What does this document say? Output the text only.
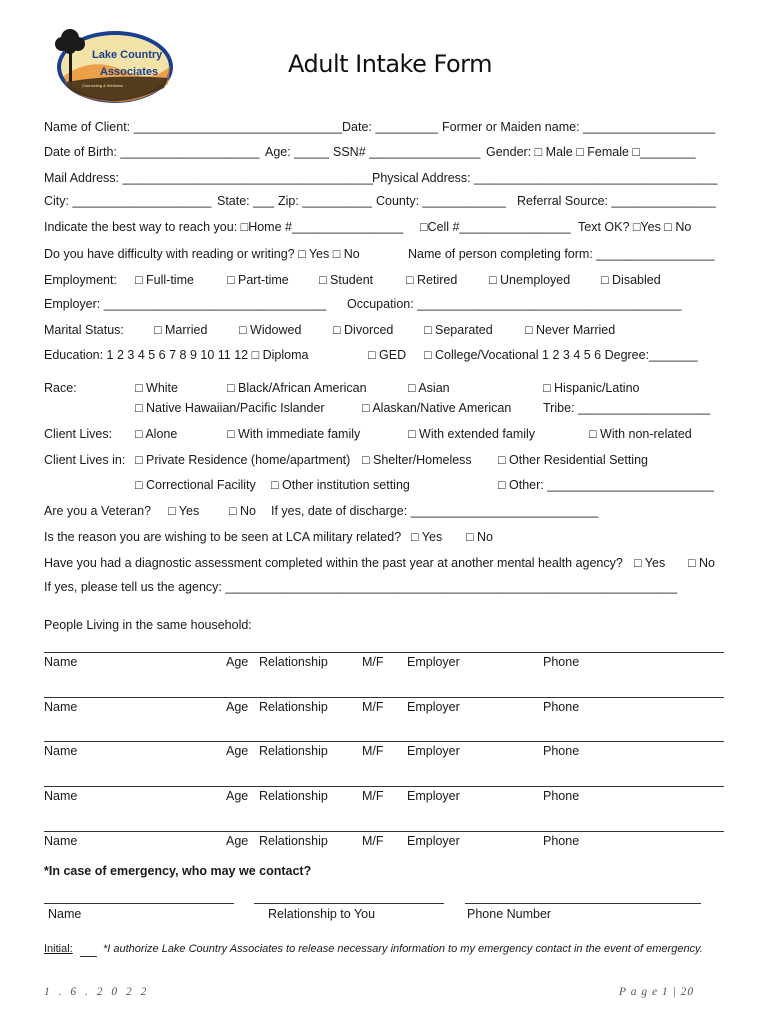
Lake Country
Associates
Counseling & Wellness
Adult Intake Form
Name of Client: ______________________________ Date: _________ Former or Maiden name: ___________________
Date of Birth: ____________________ Age: _____ SSN# ________________ Gender: □ Male □ Female □________
Mail Address: ____________________________________ Physical Address: ___________________________________
City: ____________________ State: ___ Zip: __________ County: ____________ Referral Source: _______________
Indicate the best way to reach you: □Home #________________ □Cell #________________ Text OK? □Yes □ No
Do you have difficulty with reading or writing? □ Yes □ No	Name of person completing form: _________________
Employment: □ Full-time	□ Part-time □ Student	□ Retired	□ Unemployed □ Disabled
Employer: ________________________________ Occupation: ______________________________________
Marital Status: □ Married	□ Widowed	□ Divorced □ Separated	□ Never Married
Education: 1 2 3 4 5 6 7 8 9 10 11 12 □ Diploma	□ GED □ College/Vocational 1 2 3 4 5 6 Degree:_______
Race:	□ White	□ Black/African American	□ Asian	□ Hispanic/Latino
□ Native Hawaiian/Pacific Islander	□ Alaskan/Native American	Tribe: ___________________
Client Lives: □ Alone	□ With immediate family	□ With extended family	□ With non-related
Client Lives in: □ Private Residence (home/apartment) □ Shelter/Homeless □ Other Residential Setting
□ Correctional Facility □ Other institution setting	□ Other: ________________________
Are you a Veteran? □ Yes □ No If yes, date of discharge: ___________________________
Is the reason you are wishing to be seen at LCA military related? □ Yes □ No
Have you had a diagnostic assessment completed within the past year at another mental health agency? □ Yes □ No
If yes, please tell us the agency: _________________________________________________________________
People Living in the same household:
Name	Age Relationship	M/F Employer	Phone
Name	Age Relationship	M/F Employer	Phone
Name	Age Relationship	M/F Employer	Phone
Name	Age Relationship	M/F Employer	Phone
Name	Age Relationship	M/F Employer	Phone
*In case of emergency, who may we contact?
Name	Relationship to You	Phone Number
Initial:	*I authorize Lake Country Associates to release necessary information to my emergency contact in the event of emergency.
1 . 6 . 2 0 2 2	P a g e 1 | 20
